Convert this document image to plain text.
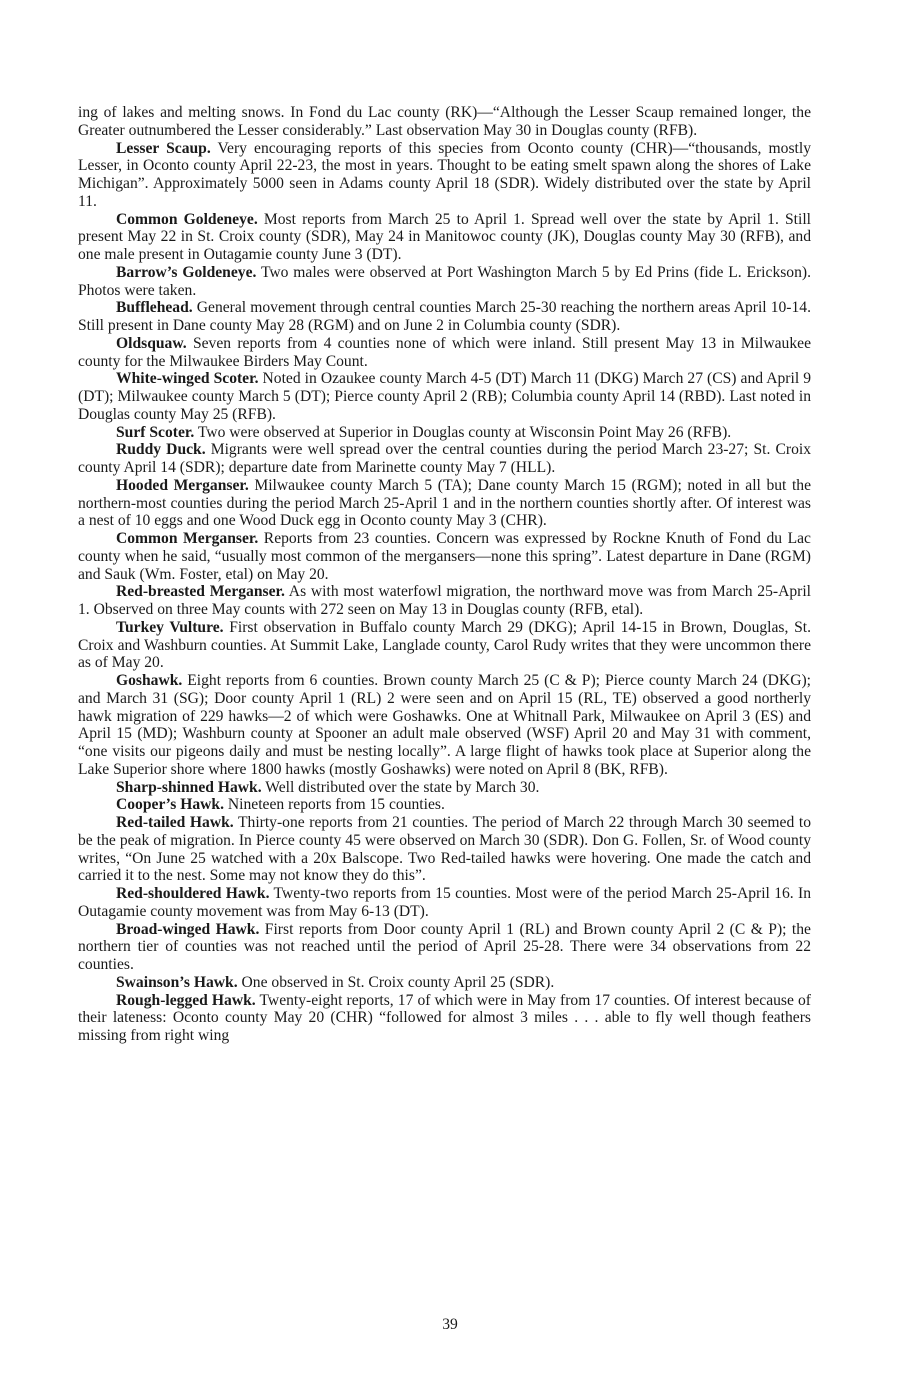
ing of lakes and melting snows. In Fond du Lac county (RK)—“Although the Lesser Scaup remained longer, the Greater outnumbered the Lesser considerably.” Last observation May 30 in Douglas county (RFB).

Lesser Scaup. Very encouraging reports of this species from Oconto county (CHR)—“thousands, mostly Lesser, in Oconto county April 22-23, the most in years. Thought to be eating smelt spawn along the shores of Lake Michigan”. Approximately 5000 seen in Adams county April 18 (SDR). Widely distributed over the state by April 11.

Common Goldeneye. Most reports from March 25 to April 1. Spread well over the state by April 1. Still present May 22 in St. Croix county (SDR), May 24 in Manitowoc county (JK), Douglas county May 30 (RFB), and one male present in Outagamie county June 3 (DT).

Barrow’s Goldeneye. Two males were observed at Port Washington March 5 by Ed Prins (fide L. Erickson). Photos were taken.

Bufflehead. General movement through central counties March 25-30 reaching the northern areas April 10-14. Still present in Dane county May 28 (RGM) and on June 2 in Columbia county (SDR).

Oldsquaw. Seven reports from 4 counties none of which were inland. Still present May 13 in Milwaukee county for the Milwaukee Birders May Count.

White-winged Scoter. Noted in Ozaukee county March 4-5 (DT) March 11 (DKG) March 27 (CS) and April 9 (DT); Milwaukee county March 5 (DT); Pierce county April 2 (RB); Columbia county April 14 (RBD). Last noted in Douglas county May 25 (RFB).

Surf Scoter. Two were observed at Superior in Douglas county at Wisconsin Point May 26 (RFB).

Ruddy Duck. Migrants were well spread over the central counties during the period March 23-27; St. Croix county April 14 (SDR); departure date from Marinette county May 7 (HLL).

Hooded Merganser. Milwaukee county March 5 (TA); Dane county March 15 (RGM); noted in all but the northern-most counties during the period March 25-April 1 and in the northern counties shortly after. Of interest was a nest of 10 eggs and one Wood Duck egg in Oconto county May 3 (CHR).

Common Merganser. Reports from 23 counties. Concern was expressed by Rockne Knuth of Fond du Lac county when he said, “usually most common of the mergansers—none this spring”. Latest departure in Dane (RGM) and Sauk (Wm. Foster, etal) on May 20.

Red-breasted Merganser. As with most waterfowl migration, the northward move was from March 25-April 1. Observed on three May counts with 272 seen on May 13 in Douglas county (RFB, etal).

Turkey Vulture. First observation in Buffalo county March 29 (DKG); April 14-15 in Brown, Douglas, St. Croix and Washburn counties. At Summit Lake, Langlade county, Carol Rudy writes that they were uncommon there as of May 20.

Goshawk. Eight reports from 6 counties. Brown county March 25 (C & P); Pierce county March 24 (DKG); and March 31 (SG); Door county April 1 (RL) 2 were seen and on April 15 (RL, TE) observed a good northerly hawk migration of 229 hawks—2 of which were Goshawks. One at Whitnall Park, Milwaukee on April 3 (ES) and April 15 (MD); Washburn county at Spooner an adult male observed (WSF) April 20 and May 31 with comment, “one visits our pigeons daily and must be nesting locally”. A large flight of hawks took place at Superior along the Lake Superior shore where 1800 hawks (mostly Goshawks) were noted on April 8 (BK, RFB).

Sharp-shinned Hawk. Well distributed over the state by March 30.

Cooper’s Hawk. Nineteen reports from 15 counties.

Red-tailed Hawk. Thirty-one reports from 21 counties. The period of March 22 through March 30 seemed to be the peak of migration. In Pierce county 45 were observed on March 30 (SDR). Don G. Follen, Sr. of Wood county writes, “On June 25 watched with a 20x Balscope. Two Red-tailed hawks were hovering. One made the catch and carried it to the nest. Some may not know they do this”.

Red-shouldered Hawk. Twenty-two reports from 15 counties. Most were of the period March 25-April 16. In Outagamie county movement was from May 6-13 (DT).

Broad-winged Hawk. First reports from Door county April 1 (RL) and Brown county April 2 (C & P); the northern tier of counties was not reached until the period of April 25-28. There were 34 observations from 22 counties.

Swainson’s Hawk. One observed in St. Croix county April 25 (SDR).

Rough-legged Hawk. Twenty-eight reports, 17 of which were in May from 17 counties. Of interest because of their lateness: Oconto county May 20 (CHR) “followed for almost 3 miles . . . able to fly well though feathers missing from right wing

39
